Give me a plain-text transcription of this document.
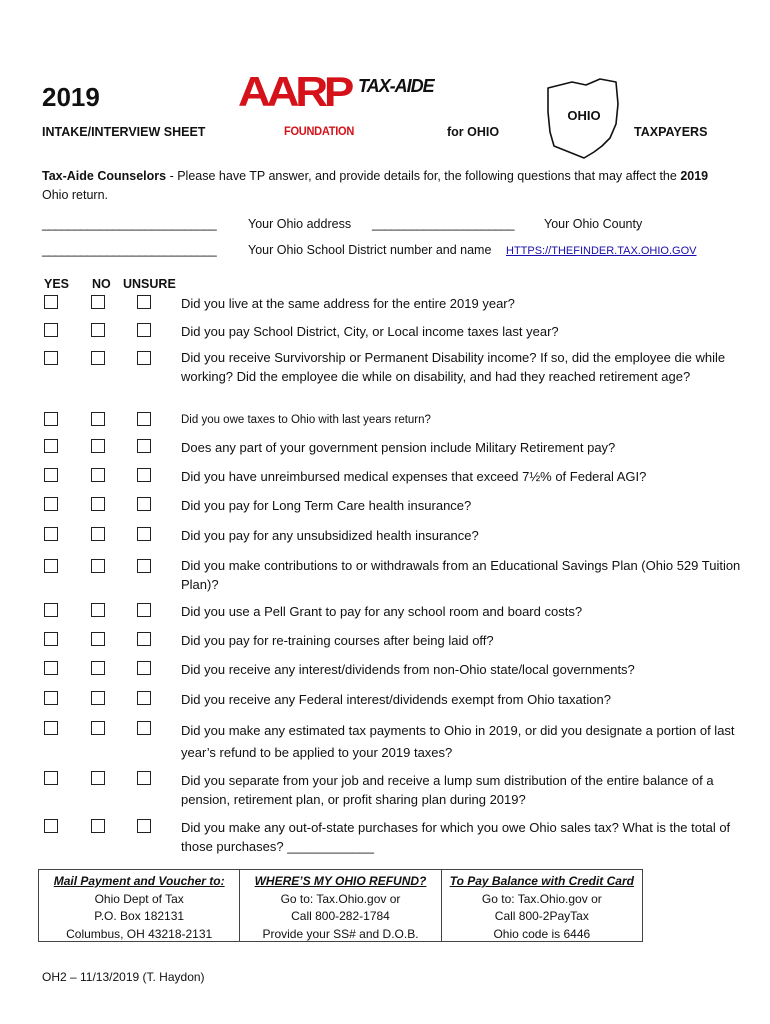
2019
INTAKE/INTERVIEW SHEET
AARP
FOUNDATION
TAX-AIDE
for OHIO
OHIO
TAXPAYERS
Tax-Aide Counselors - Please have TP answer, and provide details for, the following questions that may affect the 2019 Ohio return.
___________________________	Your Ohio address ______________________ Your Ohio County
___________________________	Your Ohio School District number and name HTTPS://THEFINDER.TAX.OHIO.GOV
YES NO UNSURE
Did you live at the same address for the entire 2019 year?
Did you pay School District, City, or Local income taxes last year?
Did you receive Survivorship or Permanent Disability income? If so, did the employee die while working? Did the employee die while on disability, and had they reached retirement age?
Did you owe taxes to Ohio with last years return?
Does any part of your government pension include Military Retirement pay?
Did you have unreimbursed medical expenses that exceed 7½% of Federal AGI?
Did you pay for Long Term Care health insurance?
Did you pay for any unsubsidized health insurance?
Did you make contributions to or withdrawals from an Educational Savings Plan (Ohio 529 Tuition Plan)?
Did you use a Pell Grant to pay for any school room and board costs?
Did you pay for re-training courses after being laid off?
Did you receive any interest/dividends from non-Ohio state/local governments?
Did you receive any Federal interest/dividends exempt from Ohio taxation?
Did you make any estimated tax payments to Ohio in 2019, or did you designate a portion of last year’s refund to be applied to your 2019 taxes?
Did you separate from your job and receive a lump sum distribution of the entire balance of a pension, retirement plan, or profit sharing plan during 2019?
Did you make any out-of-state purchases for which you owe Ohio sales tax? What is the total of those purchases? ____________
Mail Payment and Voucher to:
Ohio Dept of Tax
P.O. Box 182131
Columbus, OH 43218-2131
WHERE’S MY OHIO REFUND?
Go to: Tax.Ohio.gov or
Call 800-282-1784
Provide your SS# and D.O.B.
To Pay Balance with Credit Card
Go to: Tax.Ohio.gov or
Call 800-2PayTax
Ohio code is 6446
OH2 – 11/13/2019 (T. Haydon)
